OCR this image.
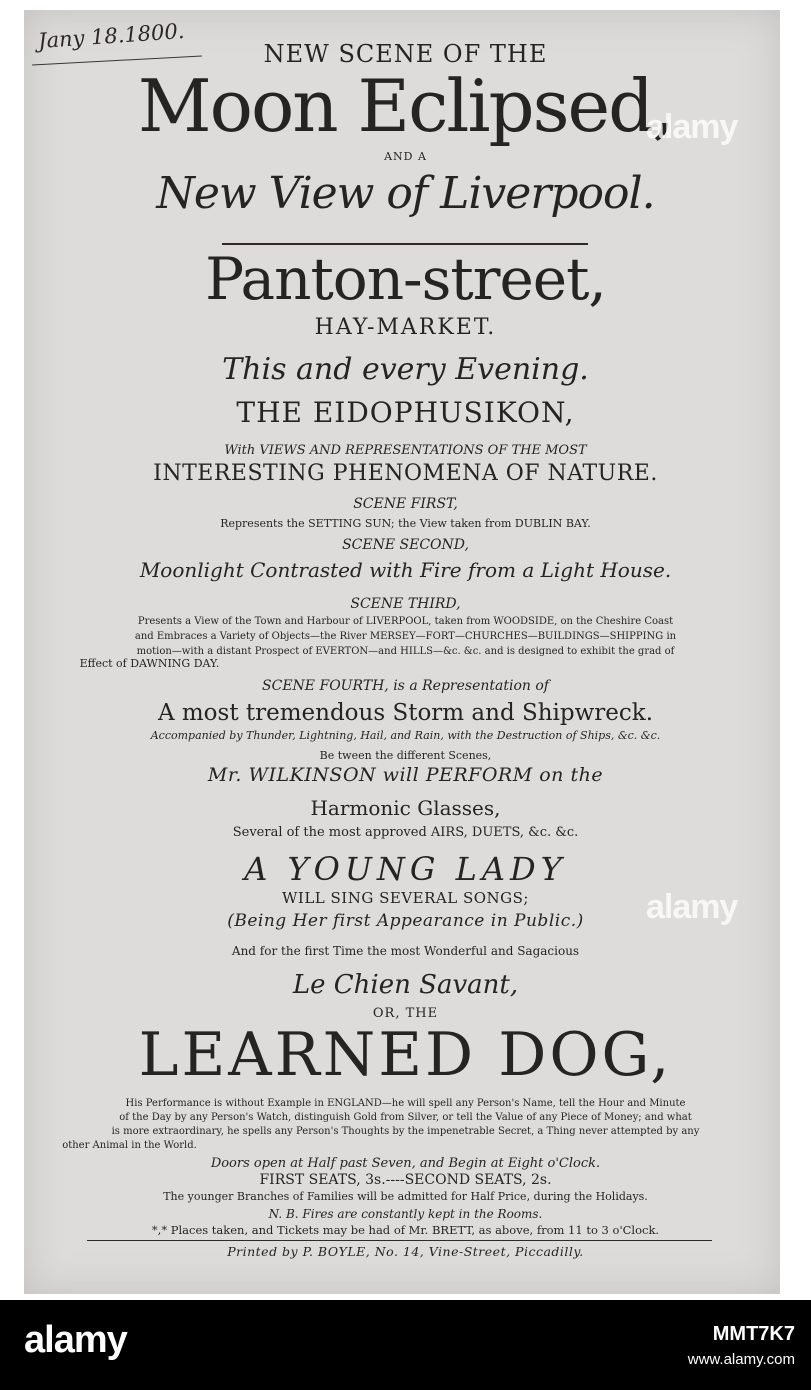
Jany 18.1800.
NEW SCENE OF THE
Moon Eclipsed,
AND A
New View of Liverpool.
Panton-street,
HAY-MARKET.
This and every Evening.
THE EIDOPHUSIKON,
With VIEWS AND REPRESENTATIONS OF THE MOST
INTERESTING PHENOMENA OF NATURE.
SCENE FIRST,
Represents the SETTING SUN; the View taken from DUBLIN BAY.
SCENE SECOND,
Moonlight Contrasted with Fire from a Light House.
SCENE THIRD,
Presents a View of the Town and Harbour of LIVERPOOL, taken from WOODSIDE, on the Cheshire Coast
and Embraces a Variety of Objects—the River MERSEY—FORT—CHURCHES—BUILDINGS—SHIPPING in
motion—with a distant Prospect of EVERTON—and HILLS—&c. &c. and is designed to exhibit the grad of
Effect of DAWNING DAY.
SCENE FOURTH, is a Representation of
A most tremendous Storm and Shipwreck.
Accompanied by Thunder, Lightning, Hail, and Rain, with the Destruction of Ships, &c. &c.
Be tween the different Scenes,
Mr. WILKINSON will PERFORM on the
Harmonic Glasses,
Several of the most approved AIRS, DUETS, &c. &c.
A YOUNG LADY
WILL SING SEVERAL SONGS;
(Being Her first Appearance in Public.)
And for the first Time the most Wonderful and Sagacious
Le Chien Savant,
OR, THE
LEARNED DOG,
His Performance is without Example in ENGLAND—he will spell any Person's Name, tell the Hour and Minute
of the Day by any Person's Watch, distinguish Gold from Silver, or tell the Value of any Piece of Money; and what
is more extraordinary, he spells any Person's Thoughts by the impenetrable Secret, a Thing never attempted by any
other Animal in the World.
Doors open at Half past Seven, and Begin at Eight o'Clock.
FIRST SEATS, 3s.----SECOND SEATS, 2s.
The younger Branches of Families will be admitted for Half Price, during the Holidays.
N. B. Fires are constantly kept in the Rooms.
*,* Places taken, and Tickets may be had of Mr. BRETT, as above, from 11 to 3 o'Clock.
Printed by P. BOYLE, No. 14, Vine-Street, Piccadilly.
alamy
alamy
alamy	MMT7K7
www.alamy.com
